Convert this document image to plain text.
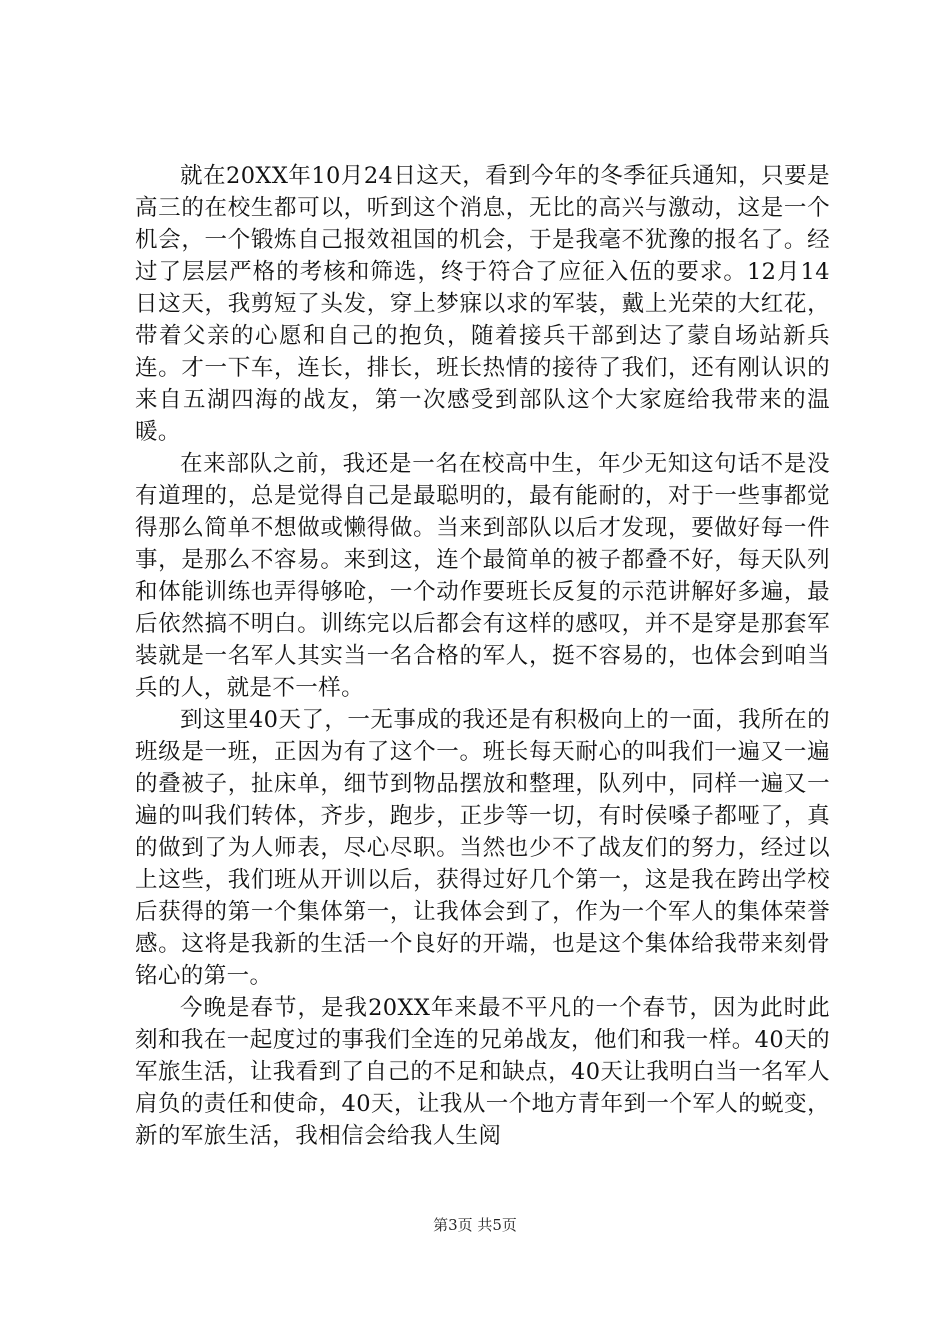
就在20XX年10月24日这天，看到今年的冬季征兵通知，只要是高三的在校生都可以，听到这个消息，无比的高兴与激动，这是一个机会，一个锻炼自己报效祖国的机会，于是我毫不犹豫的报名了。经过了层层严格的考核和筛选，终于符合了应征入伍的要求。12月14日这天，我剪短了头发，穿上梦寐以求的军装，戴上光荣的大红花，带着父亲的心愿和自己的抱负，随着接兵干部到达了蒙自场站新兵连。才一下车，连长，排长，班长热情的接待了我们，还有刚认识的来自五湖四海的战友，第一次感受到部队这个大家庭给我带来的温暖。

在来部队之前，我还是一名在校高中生，年少无知这句话不是没有道理的，总是觉得自己是最聪明的，最有能耐的，对于一些事都觉得那么简单不想做或懒得做。当来到部队以后才发现，要做好每一件事，是那么不容易。来到这，连个最简单的被子都叠不好，每天队列和体能训练也弄得够呛，一个动作要班长反复的示范讲解好多遍，最后依然搞不明白。训练完以后都会有这样的感叹，并不是穿是那套军装就是一名军人其实当一名合格的军人，挺不容易的，也体会到咱当兵的人，就是不一样。

到这里40天了，一无事成的我还是有积极向上的一面，我所在的班级是一班，正因为有了这个一。班长每天耐心的叫我们一遍又一遍的叠被子，扯床单，细节到物品摆放和整理，队列中，同样一遍又一遍的叫我们转体，齐步，跑步，正步等一切，有时侯嗓子都哑了，真的做到了为人师表，尽心尽职。当然也少不了战友们的努力，经过以上这些，我们班从开训以后，获得过好几个第一，这是我在跨出学校后获得的第一个集体第一，让我体会到了，作为一个军人的集体荣誉感。这将是我新的生活一个良好的开端，也是这个集体给我带来刻骨铭心的第一。

今晚是春节，是我20XX年来最不平凡的一个春节，因为此时此刻和我在一起度过的事我们全连的兄弟战友，他们和我一样。40天的军旅生活，让我看到了自己的不足和缺点，40天让我明白当一名军人肩负的责任和使命，40天，让我从一个地方青年到一个军人的蜕变，新的军旅生活，我相信会给我人生阅

第3页 共5页
